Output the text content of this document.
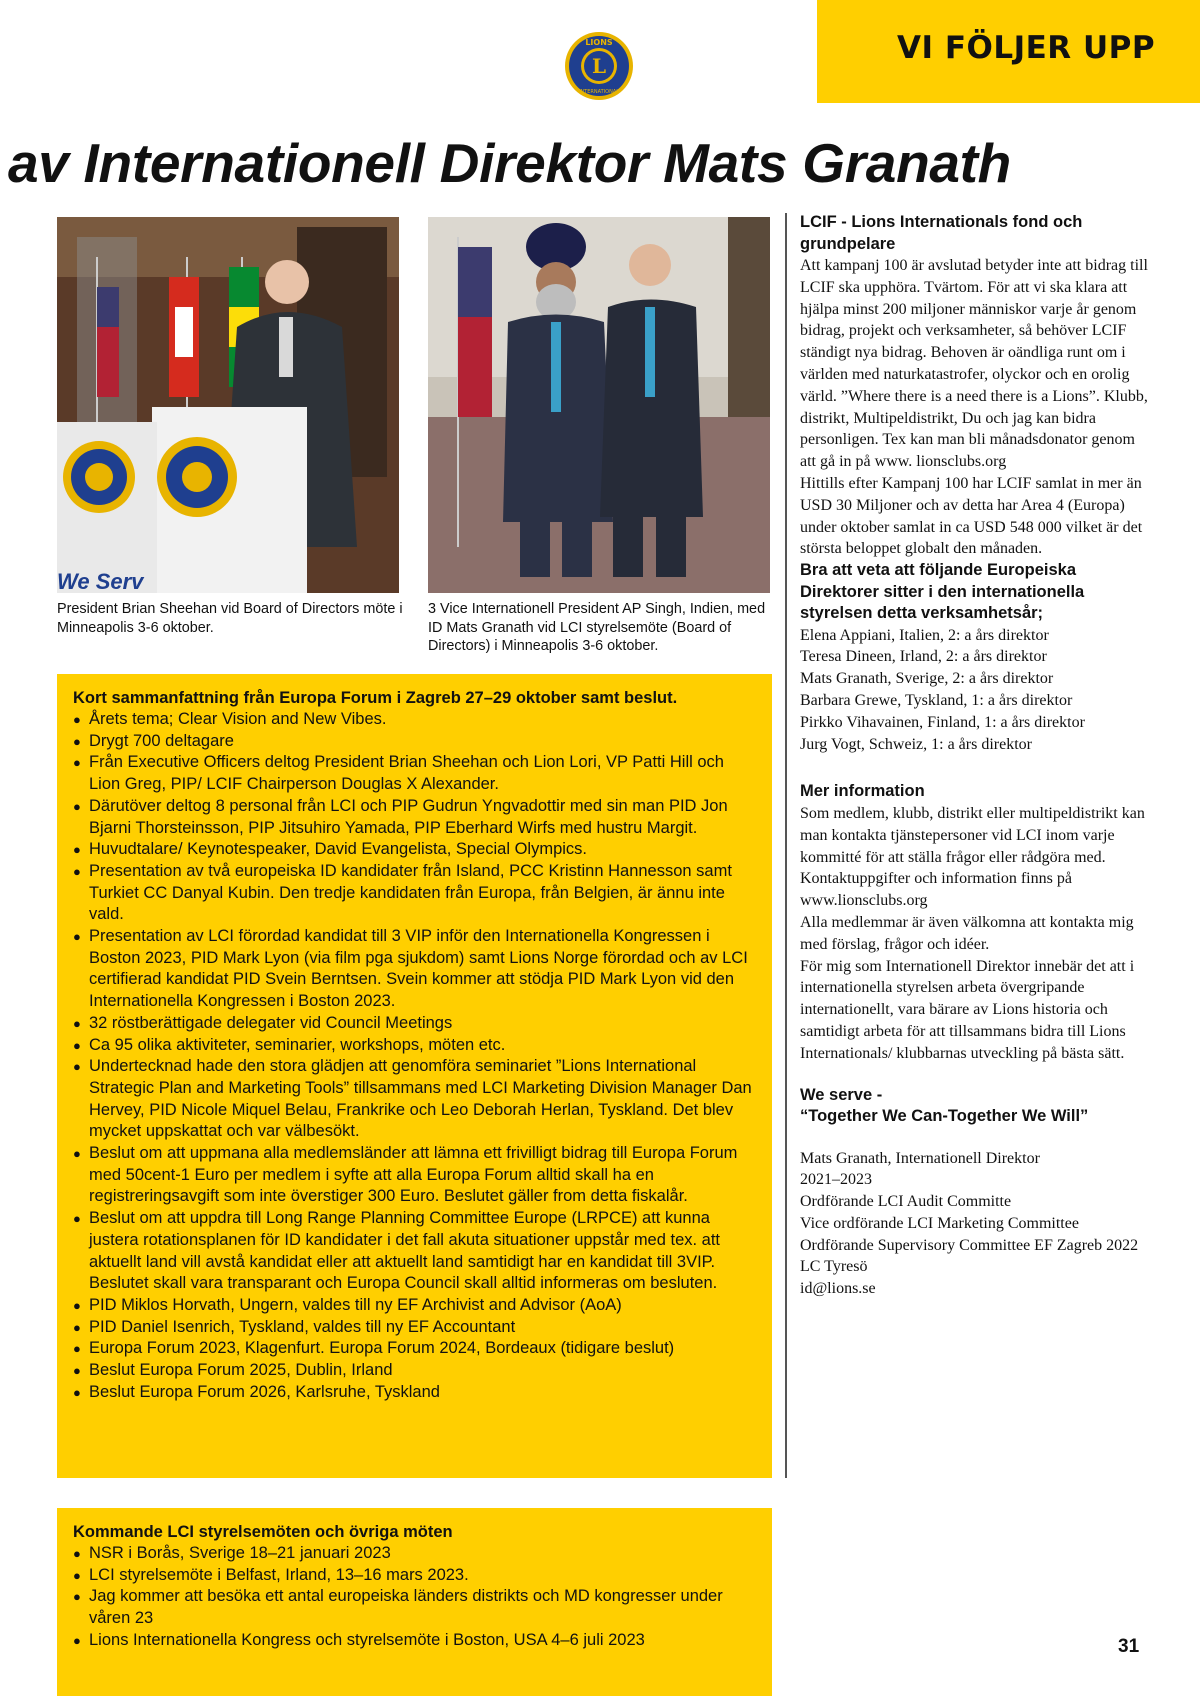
VI FÖLJER UPP
L
LIONS
INTERNATIONAL
av Internationell Direktor Mats Granath
We Serv
President Brian Sheehan vid Board of Directors möte i Minneapolis 3-6 oktober.
3 Vice Internationell President AP Singh, Indien, med ID Mats Granath vid LCI styrelsemöte (Board of Directors) i Minneapolis 3-6 oktober.

Kort sammanfattning från Europa Forum i Zagreb 27–29 oktober samt beslut.

● Årets tema; Clear Vision and New Vibes.
● Drygt 700 deltagare
● Från Executive Officers deltog President Brian Sheehan och Lion Lori, VP Patti Hill och Lion Greg, PIP/ LCIF Chairperson Douglas X Alexander.
● Därutöver deltog 8 personal från LCI och PIP Gudrun Yngvadottir med sin man PID Jon Bjarni Thorsteinsson, PIP Jitsuhiro Yamada, PIP Eberhard Wirfs med hustru Margit.
● Huvudtalare/ Keynotespeaker, David Evangelista, Special Olympics.
● Presentation av två europeiska ID kandidater från Island, PCC Kristinn Hannesson samt Turkiet CC Danyal Kubin. Den tredje kandidaten från Europa, från Belgien, är ännu inte vald.
● Presentation av LCI förordad kandidat till 3 VIP inför den Internationella Kongressen i Boston 2023, PID Mark Lyon (via film pga sjukdom) samt Lions Norge förordad och av LCI certifierad kandidat PID Svein Berntsen. Svein kommer att stödja PID Mark Lyon vid den Internationella Kongressen i Boston 2023.
● 32 röstberättigade delegater vid Council Meetings
● Ca 95 olika aktiviteter, seminarier, workshops, möten etc.
● Undertecknad hade den stora glädjen att genomföra seminariet ”Lions International Strategic Plan and Marketing Tools” tillsammans med LCI Marketing Division Manager Dan Hervey, PID Nicole Miquel Belau, Frankrike och Leo Deborah Herlan, Tyskland. Det blev mycket uppskattat och var välbesökt.
● Beslut om att uppmana alla medlemsländer att lämna ett frivilligt bidrag till Europa Forum med 50cent-1 Euro per medlem i syfte att alla Europa Forum alltid skall ha en registreringsavgift som inte överstiger 300 Euro. Beslutet gäller from detta fiskalår.
● Beslut om att uppdra till Long Range Planning Committee Europe (LRPCE) att kunna justera rotationsplanen för ID kandidater i det fall akuta situationer uppstår med tex. att aktuellt land vill avstå kandidat eller att aktuellt land samtidigt har en kandidat till 3VIP. Beslutet skall vara transparant och Europa Council skall alltid informeras om besluten.
● PID Miklos Horvath, Ungern, valdes till ny EF Archivist and Advisor (AoA)
● PID Daniel Isenrich, Tyskland, valdes till ny EF Accountant
● Europa Forum 2023, Klagenfurt. Europa Forum 2024, Bordeaux (tidigare beslut)
● Beslut Europa Forum 2025, Dublin, Irland
● Beslut Europa Forum 2026, Karlsruhe, Tyskland

Kommande LCI styrelsemöten och övriga möten

● NSR i Borås, Sverige 18–21 januari 2023
● LCI styrelsemöte i Belfast, Irland, 13–16 mars 2023.
● Jag kommer att besöka ett antal europeiska länders distrikts och MD kongresser under våren 23
● Lions Internationella Kongress och styrelsemöte i Boston, USA 4–6 juli 2023

LCIF - Lions Internationals fond och grundpelare

Att kampanj 100 är avslutad betyder inte att bidrag till LCIF ska upphöra. Tvärtom. För att vi ska klara att hjälpa minst 200 miljoner människor varje år genom bidrag, projekt och verksamheter, så behöver LCIF ständigt nya bidrag. Behoven är oändliga runt om i världen med naturkatastrofer, olyckor och en orolig värld. ”Where there is a need there is a Lions”. Klubb, distrikt, Multipeldistrikt, Du och jag kan bidra personligen. Tex kan man bli månadsdonator genom att gå in på www. lionsclubs.org
Hittills efter Kampanj 100 har LCIF samlat in mer än USD 30 Miljoner och av detta har Area 4 (Europa) under oktober samlat in ca USD 548 000 vilket är det största beloppet globalt den månaden.

Bra att veta att följande Europeiska Direktorer sitter i den internationella styrelsen detta verksamhetsår;

Elena Appiani, Italien, 2: a års direktor

Teresa Dineen, Irland, 2: a års direktor

Mats Granath, Sverige, 2: a års direktor

Barbara Grewe, Tyskland, 1: a års direktor

Pirkko Vihavainen, Finland, 1: a års direktor

Jurg Vogt, Schweiz, 1: a års direktor

Mer information

Som medlem, klubb, distrikt eller multipeldistrikt kan man kontakta tjänstepersoner vid LCI inom varje kommitté för att ställa frågor eller rådgöra med.
Kontaktuppgifter och information finns på www.lionsclubs.org
Alla medlemmar är även välkomna att kontakta mig med förslag, frågor och idéer.
För mig som Internationell Direktor innebär det att i internationella styrelsen arbeta övergripande internationellt, vara bärare av Lions historia och samtidigt arbeta för att tillsammans bidra till Lions Internationals/ klubbarnas utveckling på bästa sätt.

We serve -

“Together We Can-Together We Will”

Mats Granath, Internationell Direktor

2021–2023

Ordförande LCI Audit Committe

Vice ordförande LCI Marketing Committee

Ordförande Supervisory Committee EF Zagreb 2022

LC Tyresö

id@lions.se

31
